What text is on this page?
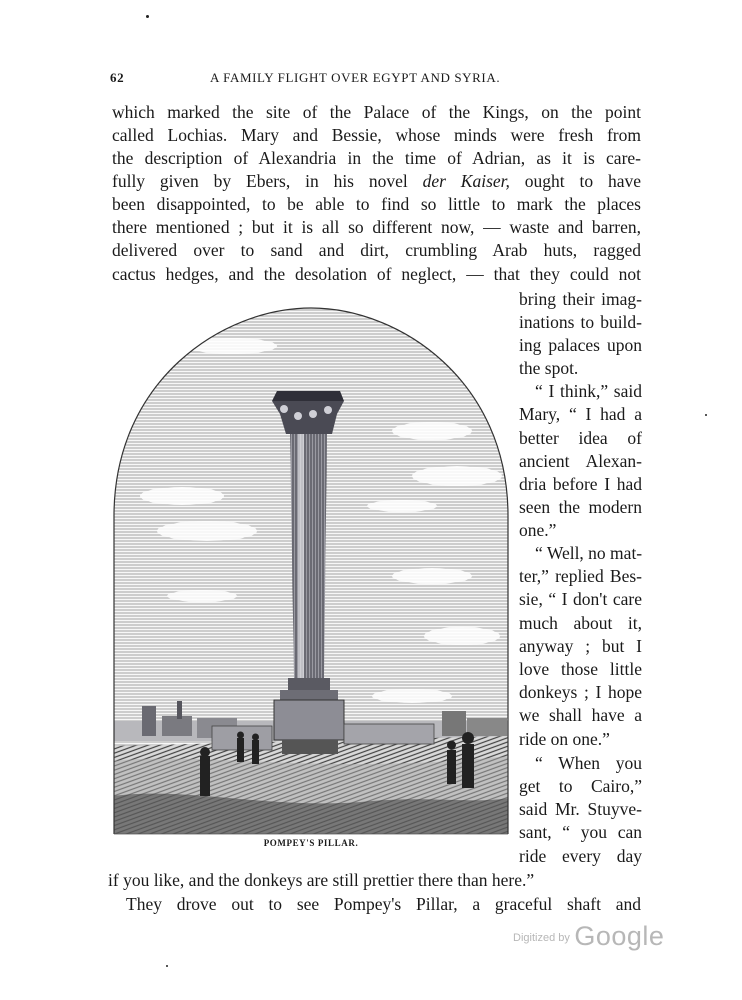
62	A FAMILY FLIGHT OVER EGYPT AND SYRIA.
which marked the site of the Palace of the Kings, on the point
called Lochias. Mary and Bessie, whose minds were fresh from
the description of Alexandria in the time of Adrian, as it is care-
fully given by Ebers, in his novel der Kaiser, ought to have
been disappointed, to be able to find so little to mark the places
there mentioned ; but it is all so different now, — waste and barren,
delivered over to sand and dirt, crumbling Arab huts, ragged
cactus hedges, and the desolation of neglect, — that they could not
bring their imag-
inations to build-
ing palaces upon
the spot.
“ I think,” said
Mary, “ I had a
better idea of
ancient Alexan-
dria before I had
seen the modern
one.”
“ Well, no mat-
ter,” replied Bes-
sie, “ I don't care
much about it,
anyway ; but I
love those little
donkeys ; I hope
we shall have a
ride on one.”
“ When you
get to Cairo,”
said Mr. Stuyve-
sant, “ you can
ride every day
if you like, and the donkeys are still prettier there than here.”
They drove out to see Pompey's Pillar, a graceful shaft and
POMPEY'S PILLAR.
$^{Digitized by}$ Google
